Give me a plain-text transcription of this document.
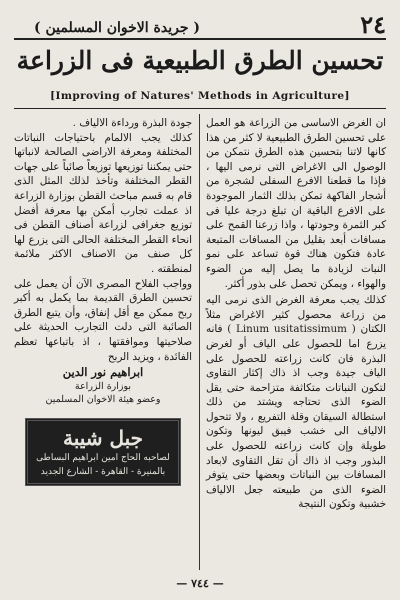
٢٤
( جريدة الاخوان المسلمين )
تحسين الطرق الطبيعية فى الزراعة
[Improving of Natures' Methods in Agriculture]

ان الغرض الاساسى من الزراعة هو العمل على تحسين الطرق الطبيعية لا كثر من هذا كانها لاتنا بتحسين هذه الطرق نتمكن من الوصول الى الاغراض التى نرمى اليها ، فإذا ما قطعنا الافرع السفلى لشجرة من أشجار الفاكهة تمكن بذلك الثمار الموجودة على الافرع الباقية ان تبلغ درجة عليا فى كبر الثمرة وجودتها ، واذا زرعنا القمح على مسافات أبعد بقليل من المسافات المتبعة عادة فتكون هناك قوة تساعد على نمو النبات لزيادة ما يصل إليه من الضوء والهواء ، ويمكن تحصل على بذور أكثر.

كذلك يجب معرفة الغرض الذى نرمى اليه من زراعة محصول كثير الاغراض مثلاً الكتان ( Linum usitatissimum ) فانه يزرع اما للحصول على الياف أو لغرض البذرة فان كانت زراعته للحصول على الياف جيدة وجب اذ ذاك إكثار التقاوى لتكون النباتات متكاثفة متزاحمة حتى يقل الضوء الذى تحتاجه ويشتد من ذلك استطالة السيقان وقلة التفريع ، ولا تتحول الالياف الى خشب فيبق ليونها وتكون طويلة وإن كانت زراعته للحصول على البذور وجب اذ ذاك أن تقل التقاوى لابعاد المسافات بين النباتات وبعضها حتى يتوفر الضوء الذى من طبيعته جعل الالياف خشبية وتكون النتيجة

جودة البذرة ورداءة الالياف .

كذلك يجب الالمام باحتياجات النباتات المختلفة ومعرفة الاراضى الصالحة لانباتها حتى يمكننا توزيعها توزيعاً صائباً على جهات القطر المختلفة وتأخذ لذلك المثل الذى قام به قسم مباحث القطن بوزارة الزراعة اذ عملت تجارب أمكن بها معرفة أفضل توزيع جغرافى لزراعة أصناف القطن فى انحاء القطر المختلفة الحالى التى يزرع لها كل صنف من الاصناف الاكثر ملائمة لمنطقته .

وواجب الفلاح المصرى الآن أن يعمل على تحسين الطرق القديمة بما يكمل به أكبر ربح ممكن مع أقل إنفاق، وأن يتبع الطرق الصائبة التى دلت التجارب الحديثة على صلاحيتها وموافقتها ، اذ باتباعها تعظم الفائدة ، ويزيد الربح

ابراهيم نور الدين
بوزارة الزراعة
وعضو هيئة الاخوان المسلمين

جبل شيبة
لصاحبه الحاج امين ابراهيم البساطى
بالمنيرة - القاهرة - الشارع الجديد
— ٧٤٤ —
